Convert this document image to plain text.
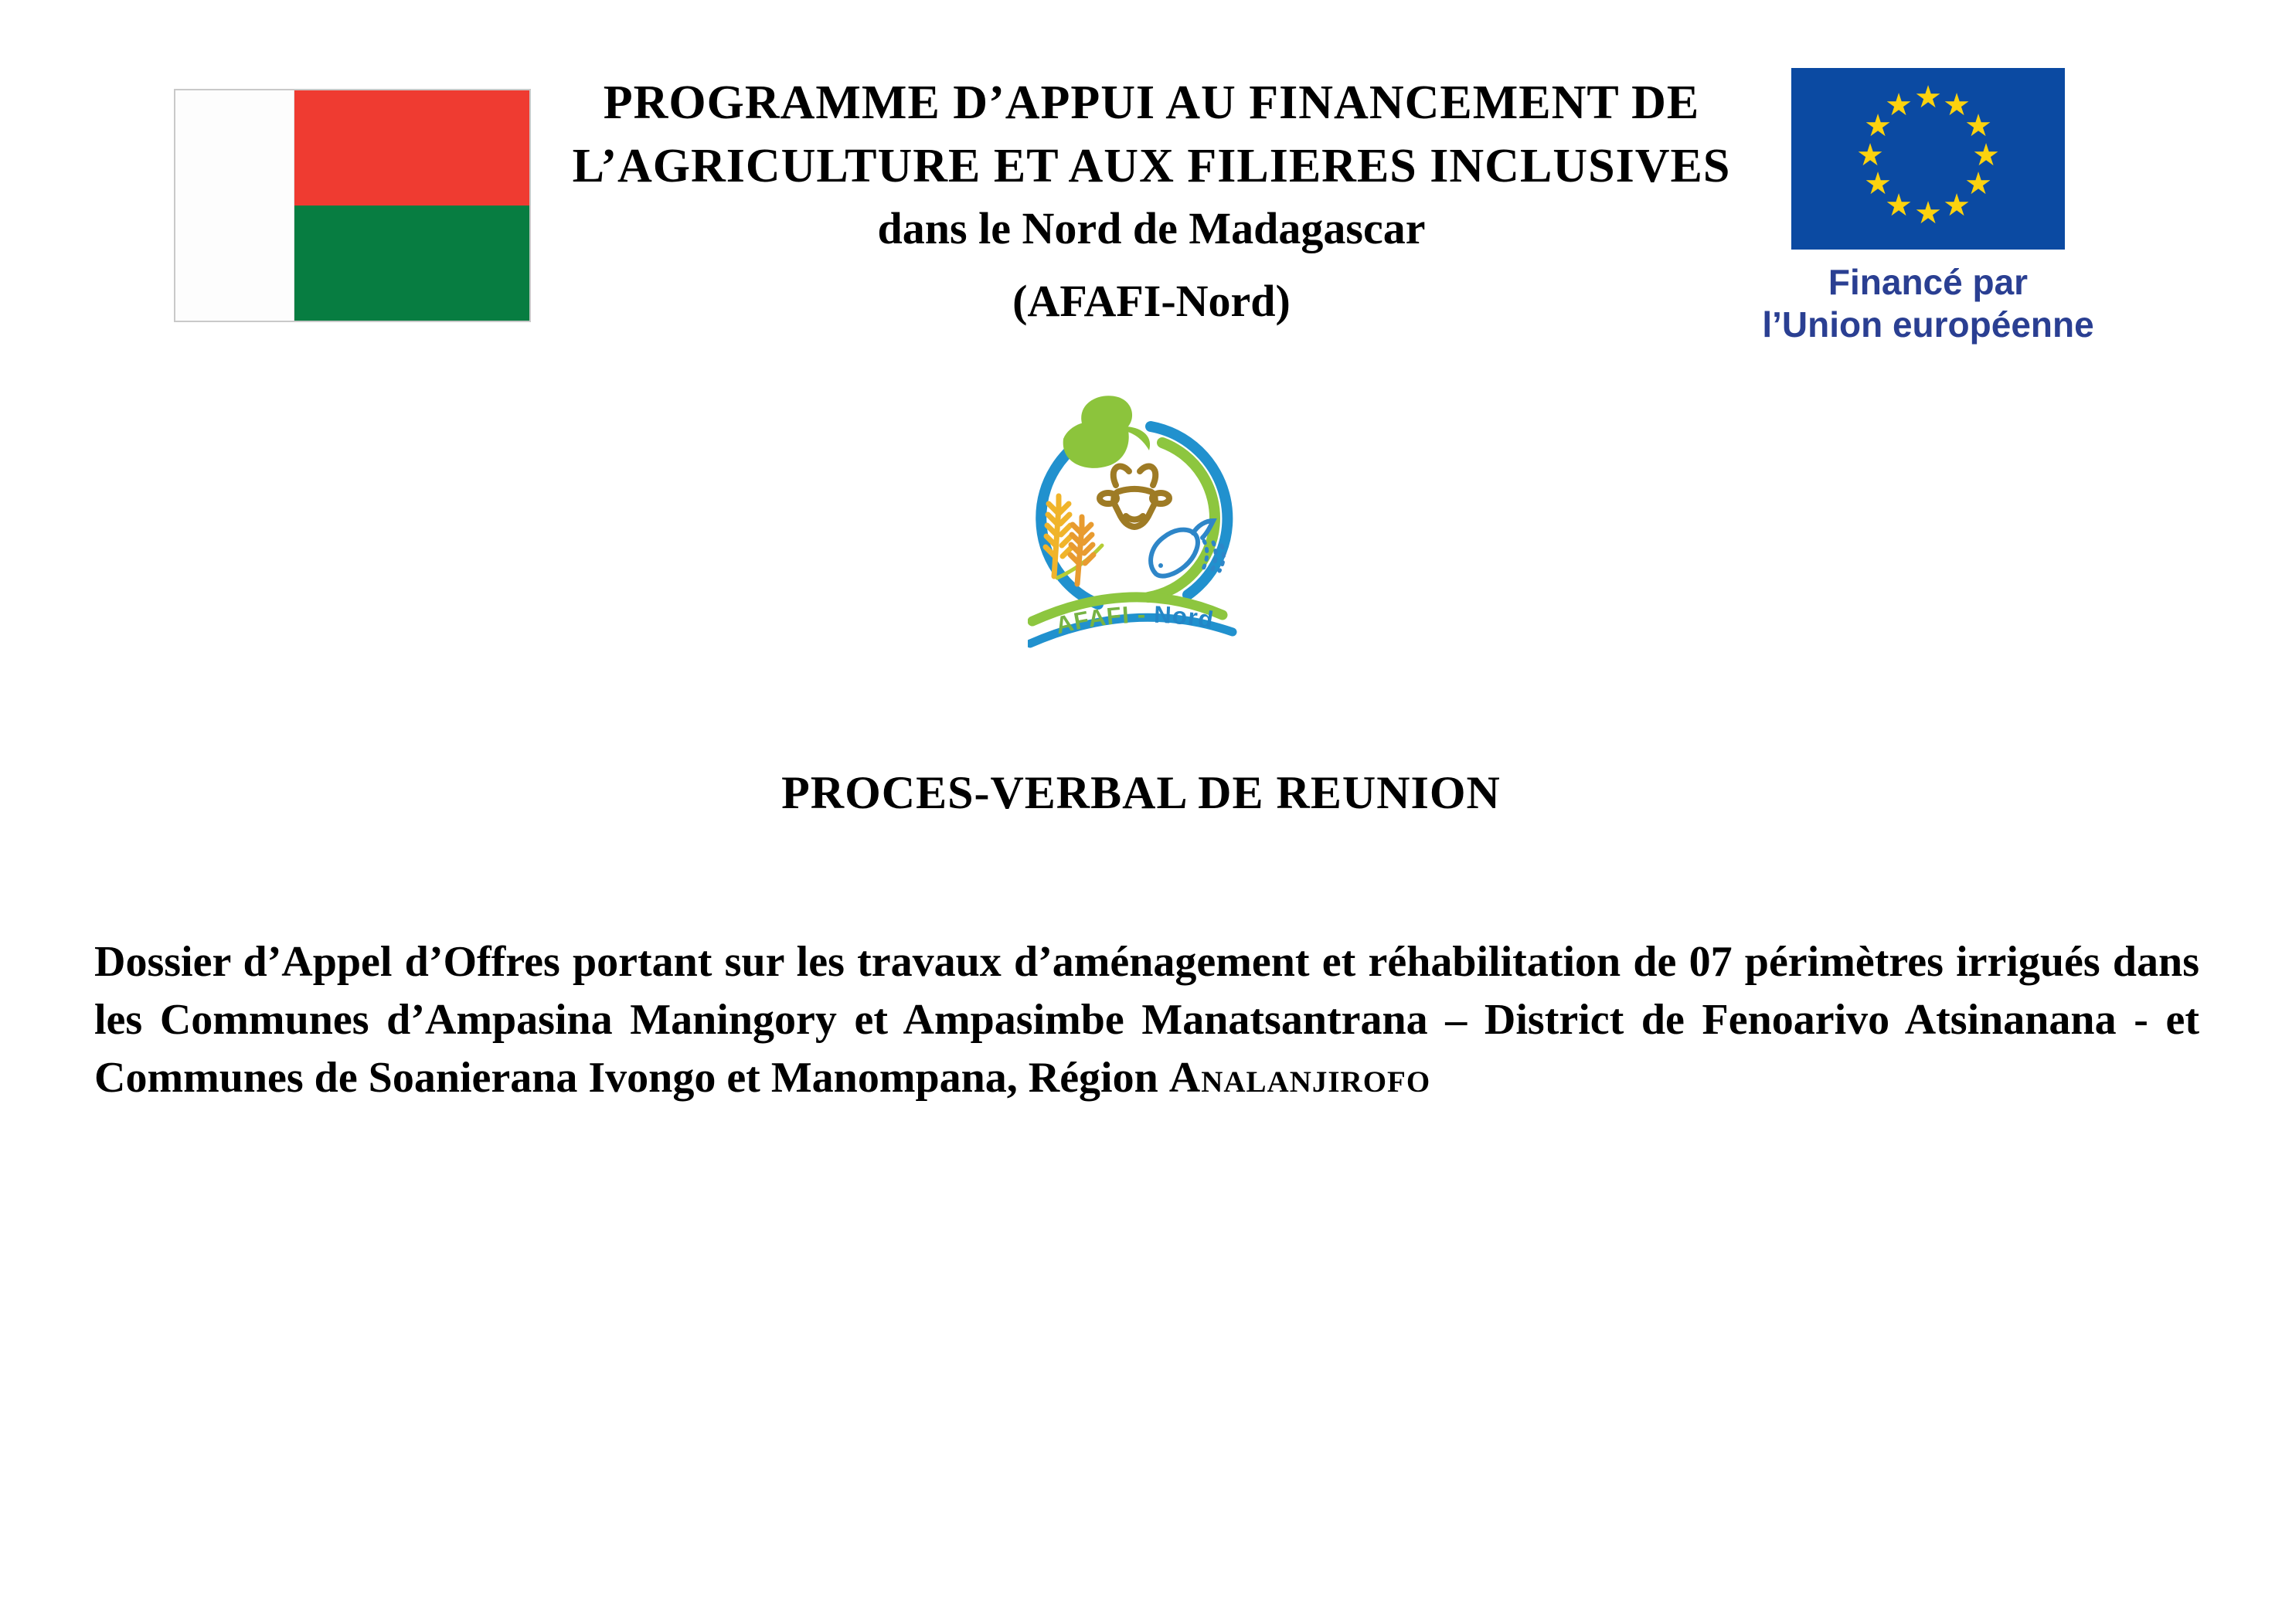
PROGRAMME D’APPUI AU FINANCEMENT DE
L’AGRICULTURE ET AUX FILIERES INCLUSIVES
dans le Nord de Madagascar
(AFAFI-Nord)
★ ★
★
★
★
★
★
★
★
★
★
★
Financé par
l’Union européenne
AFAFI - Nord
PROCES-VERBAL DE REUNION
Dossier d’Appel d’Offres portant sur les travaux d’aménagement et réhabilitation de 07 périmètres irrigués dans les Communes d’Ampasina Maningory et Ampasimbe Manatsantrana – District de Fenoarivo Atsinanana - et Communes de Soanierana Ivongo et Manompana, Région Analanjirofo
